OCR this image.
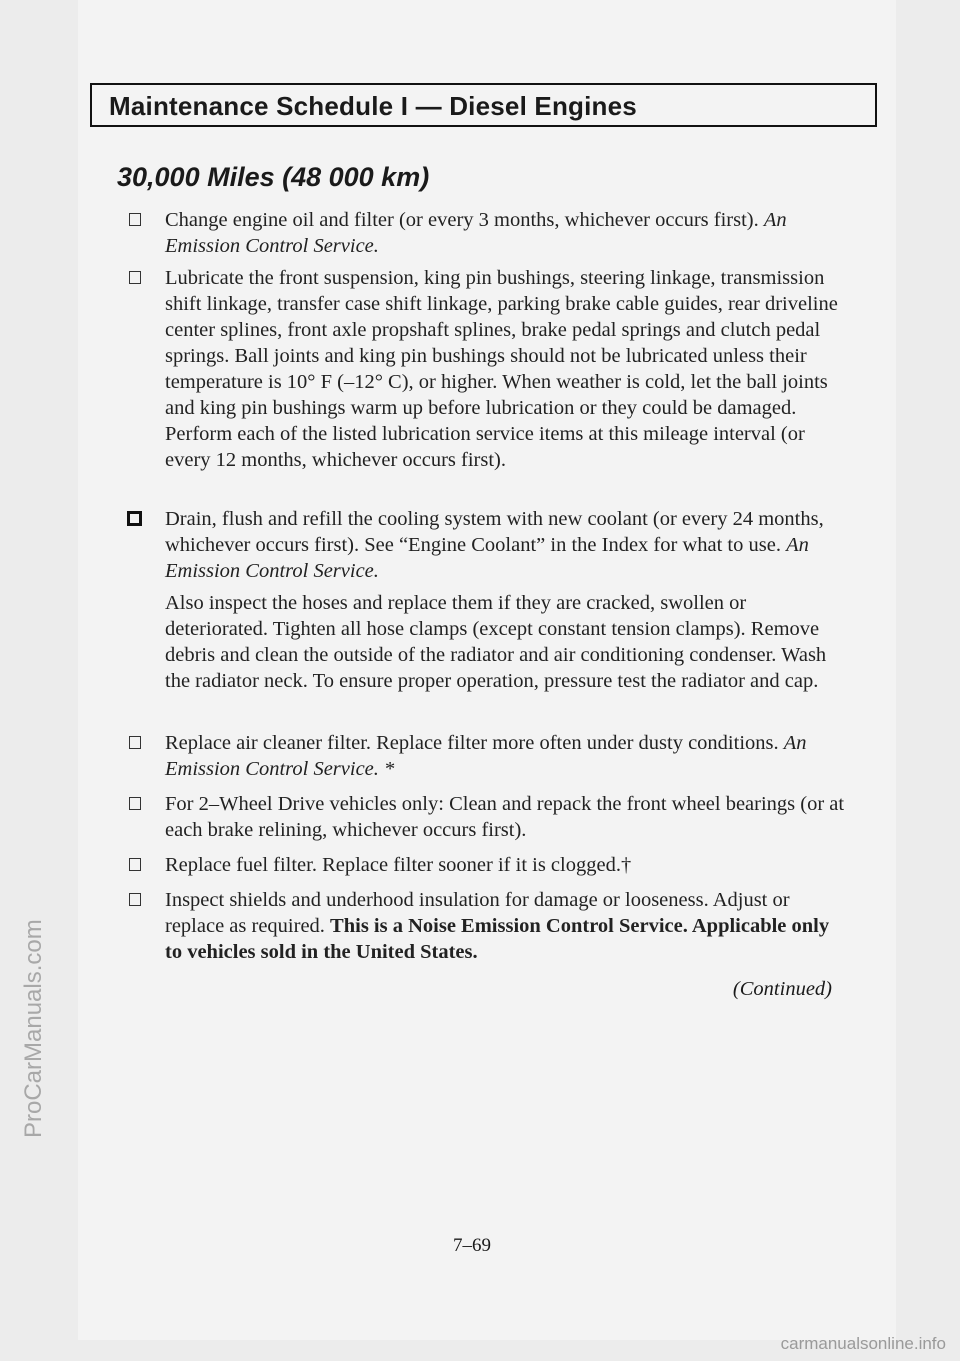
Maintenance Schedule I — Diesel Engines
30,000 Miles (48 000 km)
Change engine oil and filter (or every 3 months, whichever occurs first). An Emission Control Service.
Lubricate the front suspension, king pin bushings, steering linkage, transmission shift linkage, transfer case shift linkage, parking brake cable guides, rear driveline center splines, front axle propshaft splines, brake pedal springs and clutch pedal springs. Ball joints and king pin bushings should not be lubricated unless their temperature is 10° F (–12° C), or higher. When weather is cold, let the ball joints and king pin bushings warm up before lubrication or they could be damaged. Perform each of the listed lubrication service items at this mileage interval (or every 12 months, whichever occurs first).
Drain, flush and refill the cooling system with new coolant (or every 24 months, whichever occurs first). See “Engine Coolant” in the Index for what to use. An Emission Control Service.
Also inspect the hoses and replace them if they are cracked, swollen or deteriorated. Tighten all hose clamps (except constant tension clamps). Remove debris and clean the outside of the radiator and air conditioning condenser. Wash the radiator neck. To ensure proper operation, pressure test the radiator and cap.
Replace air cleaner filter. Replace filter more often under dusty conditions. An Emission Control Service. *
For 2–Wheel Drive vehicles only: Clean and repack the front wheel bearings (or at each brake relining, whichever occurs first).
Replace fuel filter. Replace filter sooner if it is clogged.†
Inspect shields and underhood insulation for damage or looseness. Adjust or replace as required. This is a Noise Emission Control Service. Applicable only to vehicles sold in the United States.
(Continued)
7–69
ProCarManuals.com
carmanualsonline.info
